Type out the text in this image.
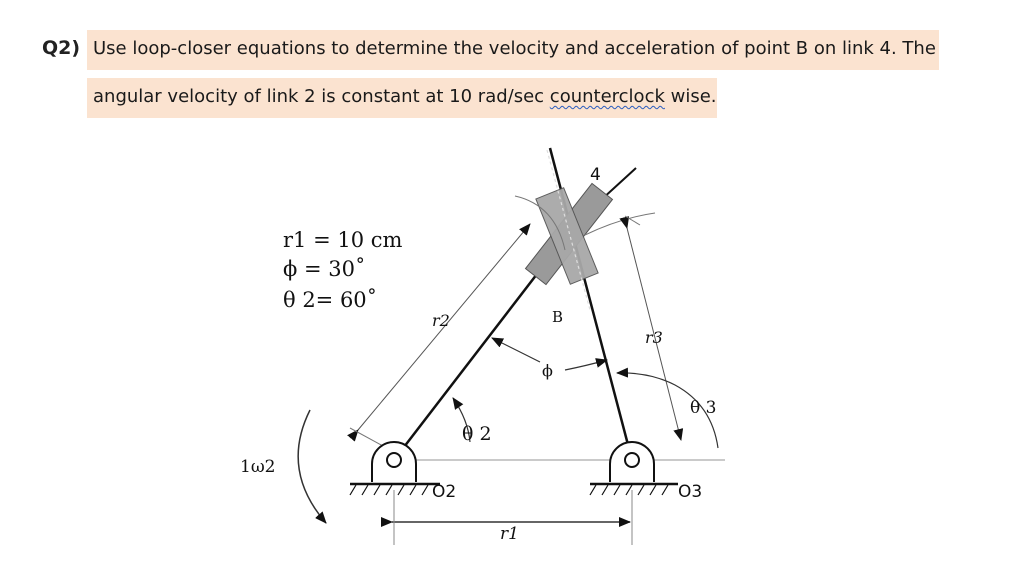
Q2) Use loop-closer equations to determine the velocity and acceleration of point B on link 4. The
angular velocity of link 2 is constant at 10 rad/sec counterclock wise.
r1 = 10 cm
ϕ = 30˚
θ 2= 60˚
4
r2	B
r3
ϕ
θ 2
θ 3
1ω2
O2	O3
r1
